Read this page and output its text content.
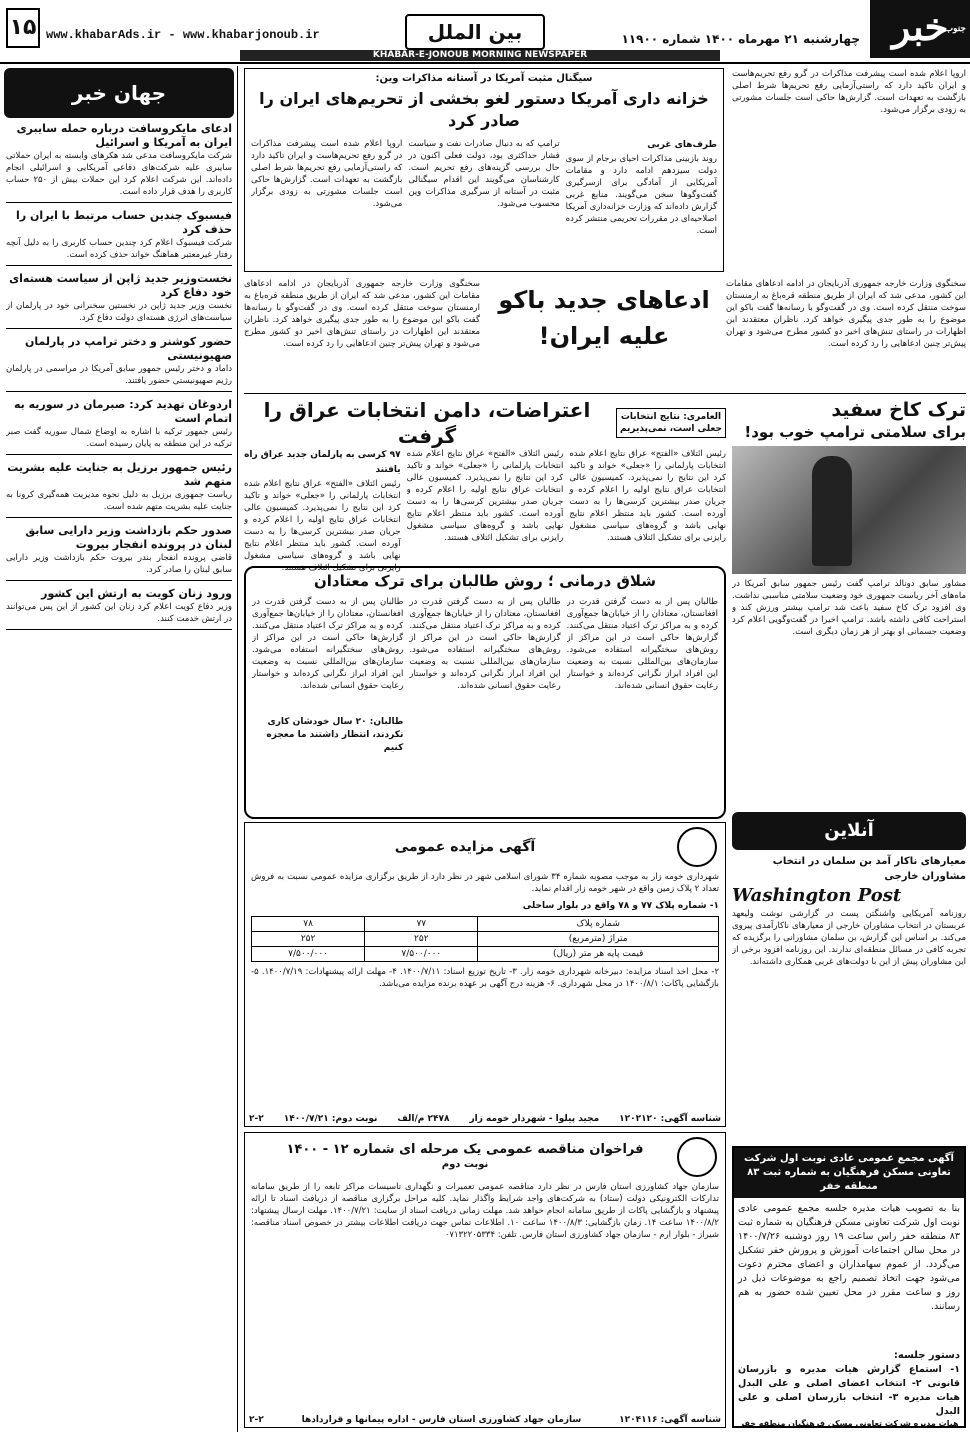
۱۵ www.khabarAds.ir - www.khabarjonoub.ir	بین الملل	چهارشنبه ۲۱ مهرماه ۱۴۰۰ شماره ۱۱۹۰۰ خبر
جنوب
KHABAR-E-JONOUB MORNING NEWSPAPER
جهان خبر
ادعای مایکروسافت درباره حمله سایبری ایران به آمریکا و اسرائیل
شرکت مایکروسافت مدعی شد هکرهای وابسته به ایران حملاتی سایبری علیه شرکت‌های دفاعی آمریکایی و اسرائیلی انجام داده‌اند. این شرکت اعلام کرد این حملات بیش از ۲۵۰ حساب کاربری را هدف قرار داده است.
فیسبوک چندین حساب مرتبط با ایران را حذف کرد
شرکت فیسبوک اعلام کرد چندین حساب کاربری را به دلیل آنچه رفتار غیرمعتبر هماهنگ خواند حذف کرده است.
نخست‌وزیر جدید ژاپن از سیاست هسته‌ای خود دفاع کرد
نخست وزیر جدید ژاپن در نخستین سخنرانی خود در پارلمان از سیاست‌های انرژی هسته‌ای دولت دفاع کرد.
حضور کوشنر و دختر ترامپ در پارلمان صهیونیستی
داماد و دختر رئیس جمهور سابق آمریکا در مراسمی در پارلمان رژیم صهیونیستی حضور یافتند.
اردوغان تهدید کرد: صبرمان در سوریه به اتمام است
رئیس جمهور ترکیه با اشاره به اوضاع شمال سوریه گفت صبر ترکیه در این منطقه به پایان رسیده است.
رئیس جمهور برزیل به جنایت علیه بشریت متهم شد
ریاست جمهوری برزیل به دلیل نحوه مدیریت همه‌گیری کرونا به جنایت علیه بشریت متهم شده است.
صدور حکم بازداشت وزیر دارایی سابق لبنان در پرونده انفجار بیروت
قاضی پرونده انفجار بندر بیروت حکم بازداشت وزیر دارایی سابق لبنان را صادر کرد.
ورود زنان کویت به ارتش این کشور
وزیر دفاع کویت اعلام کرد زنان این کشور از این پس می‌توانند در ارتش خدمت کنند.
سیگنال مثبت آمریکا در آستانه مذاکرات وین:
خزانه داری آمریکا دستور لغو بخشی از تحریم‌های ایران را صادر کرد
طرف‌های غربی
روند بازبینی مذاکرات احیای برجام از سوی دولت سیزدهم ادامه دارد و مقامات آمریکایی از آمادگی برای ازسرگیری گفت‌وگوها سخن می‌گویند. منابع غربی گزارش داده‌اند که وزارت خزانه‌داری آمریکا اصلاحیه‌ای در مقررات تحریمی منتشر کرده است.
ترامپ که به دنبال صادرات نفت و سیاست فشار حداکثری بود، دولت فعلی اکنون در حال بررسی گزینه‌های رفع تحریم است. کارشناسان می‌گویند این اقدام سیگنالی مثبت در آستانه از سرگیری مذاکرات وین محسوب می‌شود.
اروپا اعلام شده است پیشرفت مذاکرات در گرو رفع تحریم‌هاست و ایران تاکید دارد که راستی‌آزمایی رفع تحریم‌ها شرط اصلی بازگشت به تعهدات است. گزارش‌ها حاکی است جلسات مشورتی به زودی برگزار می‌شود.
اروپا اعلام شده است پیشرفت مذاکرات در گرو رفع تحریم‌هاست و ایران تاکید دارد که راستی‌آزمایی رفع تحریم‌ها شرط اصلی بازگشت به تعهدات است. گزارش‌ها حاکی است جلسات مشورتی به زودی برگزار می‌شود.
سخنگوی وزارت خارجه جمهوری آذربایجان در ادامه ادعاهای مقامات این کشور، مدعی شد که ایران از طریق منطقه قره‌باغ به ارمنستان سوخت منتقل کرده است. وی در گفت‌وگو با رسانه‌ها گفت باکو این موضوع را به طور جدی پیگیری خواهد کرد. ناظران معتقدند این اظهارات در راستای تنش‌های اخیر دو کشور مطرح می‌شود و تهران پیش‌تر چنین ادعاهایی را رد کرده است.
ادعاهای جدید باکو علیه ایران!
سخنگوی وزارت خارجه جمهوری آذربایجان در ادامه ادعاهای مقامات این کشور، مدعی شد که ایران از طریق منطقه قره‌باغ به ارمنستان سوخت منتقل کرده است. وی در گفت‌وگو با رسانه‌ها گفت باکو این موضوع را به طور جدی پیگیری خواهد کرد. ناظران معتقدند این اظهارات در راستای تنش‌های اخیر دو کشور مطرح می‌شود و تهران پیش‌تر چنین ادعاهایی را رد کرده است.
العامری: نتایج انتخابات جعلی است، نمی‌پذیریم
اعتراضات، دامن انتخابات عراق را گرفت
رئیس ائتلاف «الفتح» عراق نتایج اعلام شده انتخابات پارلمانی را «جعلی» خواند و تاکید کرد این نتایج را نمی‌پذیرد. کمیسیون عالی انتخابات عراق نتایج اولیه را اعلام کرده و جریان صدر بیشترین کرسی‌ها را به دست آورده است. کشور باید منتظر اعلام نتایج نهایی باشد و گروه‌های سیاسی مشغول رایزنی برای تشکیل ائتلاف هستند.
رئیس ائتلاف «الفتح» عراق نتایج اعلام شده انتخابات پارلمانی را «جعلی» خواند و تاکید کرد این نتایج را نمی‌پذیرد. کمیسیون عالی انتخابات عراق نتایج اولیه را اعلام کرده و جریان صدر بیشترین کرسی‌ها را به دست آورده است. کشور باید منتظر اعلام نتایج نهایی باشد و گروه‌های سیاسی مشغول رایزنی برای تشکیل ائتلاف هستند.
۹۷ کرسی به پارلمان جدید عراق راه یافتند
رئیس ائتلاف «الفتح» عراق نتایج اعلام شده انتخابات پارلمانی را «جعلی» خواند و تاکید کرد این نتایج را نمی‌پذیرد. کمیسیون عالی انتخابات عراق نتایج اولیه را اعلام کرده و جریان صدر بیشترین کرسی‌ها را به دست آورده است. کشور باید منتظر اعلام نتایج نهایی باشد و گروه‌های سیاسی مشغول رایزنی برای تشکیل ائتلاف هستند.
ترک کاخ سفید
برای سلامتی ترامپ خوب بود!
مشاور سابق دونالد ترامپ گفت رئیس جمهور سابق آمریکا در ماه‌های آخر ریاست جمهوری خود وضعیت سلامتی مناسبی نداشت. وی افزود ترک کاخ سفید باعث شد ترامپ بیشتر ورزش کند و استراحت کافی داشته باشد. ترامپ اخیرا در گفت‌وگویی اعلام کرد وضعیت جسمانی او بهتر از هر زمان دیگری است.
شلاق درمانی ؛ روش طالبان برای ترک معتادان
طالبان پس از به دست گرفتن قدرت در افغانستان، معتادان را از خیابان‌ها جمع‌آوری کرده و به مراکز ترک اعتیاد منتقل می‌کنند. گزارش‌ها حاکی است در این مراکز از روش‌های سختگیرانه استفاده می‌شود. سازمان‌های بین‌المللی نسبت به وضعیت این افراد ابراز نگرانی کرده‌اند و خواستار رعایت حقوق انسانی شده‌اند.
طالبان پس از به دست گرفتن قدرت در افغانستان، معتادان را از خیابان‌ها جمع‌آوری کرده و به مراکز ترک اعتیاد منتقل می‌کنند. گزارش‌ها حاکی است در این مراکز از روش‌های سختگیرانه استفاده می‌شود. سازمان‌های بین‌المللی نسبت به وضعیت این افراد ابراز نگرانی کرده‌اند و خواستار رعایت حقوق انسانی شده‌اند.
طالبان پس از به دست گرفتن قدرت در افغانستان، معتادان را از خیابان‌ها جمع‌آوری کرده و به مراکز ترک اعتیاد منتقل می‌کنند. گزارش‌ها حاکی است در این مراکز از روش‌های سختگیرانه استفاده می‌شود. سازمان‌های بین‌المللی نسبت به وضعیت این افراد ابراز نگرانی کرده‌اند و خواستار رعایت حقوق انسانی شده‌اند.
طالبان: ۲۰ سال خودشان کاری نکردند، انتظار داشتند ما معجزه کنیم
آنلاین
معیارهای ناکار آمد بن سلمان در انتخاب مشاوران خارجی
Washington Post
روزنامه آمریکایی واشنگتن پست در گزارشی نوشت ولیعهد عربستان در انتخاب مشاوران خارجی از معیارهای ناکارآمدی پیروی می‌کند. بر اساس این گزارش، بن سلمان مشاورانی را برگزیده که تجربه کافی در مسائل منطقه‌ای ندارند. این روزنامه افزود برخی از این مشاوران پیش از این با دولت‌های غربی همکاری داشته‌اند.
آگهی مزایده عمومی
شهرداری خومه زار به موجب مصوبه شماره ۳۴ شورای اسلامی شهر در نظر دارد از طریق برگزاری مزایده عمومی نسبت به فروش تعداد ۲ پلاک زمین واقع در شهر خومه زار اقدام نماید.
۱- شماره پلاک ۷۷ و ۷۸ واقع در بلوار ساحلی
شماره پلاک	۷۷	۷۸
متراژ (مترمربع)	۲۵۲	۲۵۲
قیمت پایه هر متر (ریال)	۷/۵۰۰/۰۰۰	۷/۵۰۰/۰۰۰
۲- محل اخذ اسناد مزایده: دبیرخانه شهرداری خومه زار. ۳- تاریخ توزیع اسناد: ۱۴۰۰/۷/۱۱. ۴- مهلت ارائه پیشنهادات: ۱۴۰۰/۷/۱۹. ۵- بازگشایی پاکات: ۱۴۰۰/۸/۱ در محل شهرداری. ۶- هزینه درج آگهی بر عهده برنده مزایده می‌باشد.
شناسه آگهی: ۱۲۰۲۱۲۰
مجید پیلوا - شهردار خومه زار
۲۴۷۸ م/الف
نوبت دوم: ۱۴۰۰/۷/۲۱
۲-۲
فراخوان مناقصه عمومی یک مرحله ای شماره ۱۲ - ۱۴۰۰
نوبت دوم
سازمان جهاد کشاورزی استان فارس در نظر دارد مناقصه عمومی تعمیرات و نگهداری تاسیسات مراکز تابعه را از طریق سامانه تدارکات الکترونیکی دولت (ستاد) به شرکت‌های واجد شرایط واگذار نماید. کلیه مراحل برگزاری مناقصه از دریافت اسناد تا ارائه پیشنهاد و بازگشایی پاکات از طریق سامانه انجام خواهد شد. مهلت زمانی دریافت اسناد از سایت: ۱۴۰۰/۷/۲۱. مهلت ارسال پیشنهاد: ۱۴۰۰/۸/۲ ساعت ۱۴. زمان بازگشایی: ۱۴۰۰/۸/۳ ساعت ۱۰. اطلاعات تماس جهت دریافت اطلاعات بیشتر در خصوص اسناد مناقصه: شیراز - بلوار ارم - سازمان جهاد کشاورزی استان فارس. تلفن: ۰۷۱۳۲۲۰۵۳۳۴
شناسه آگهی: ۱۲۰۴۱۱۶
سازمان جهاد کشاورزی استان فارس - اداره پیمانها و قراردادها
۲-۲
آگهی مجمع عمومی عادی نوبت اول شرکت تعاونی مسکن فرهنگیان به شماره ثبت ۸۳ منطقه خفر
بنا به تصویب هیات مدیره جلسه مجمع عمومی عادی نوبت اول شرکت تعاونی مسکن فرهنگیان به شماره ثبت ۸۳ منطقه خفر راس ساعت ۱۹ روز دوشنبه ۱۴۰۰/۷/۲۶ در محل سالن اجتماعات آموزش و پرورش خفر تشکیل می‌گردد. از عموم سهامداران و اعضای محترم دعوت می‌شود جهت اتخاذ تصمیم راجع به موضوعات ذیل در روز و ساعت مقرر در محل تعیین شده حضور به هم رسانند.
دستور جلسه:
۱- استماع گزارش هیات مدیره و بازرسان قانونی ۲- انتخاب اعضای اصلی و علی البدل هیات مدیره ۳- انتخاب بازرسان اصلی و علی البدل
هیات مدیره شرکت تعاونی مسکن فرهنگیان منطقه خفر
